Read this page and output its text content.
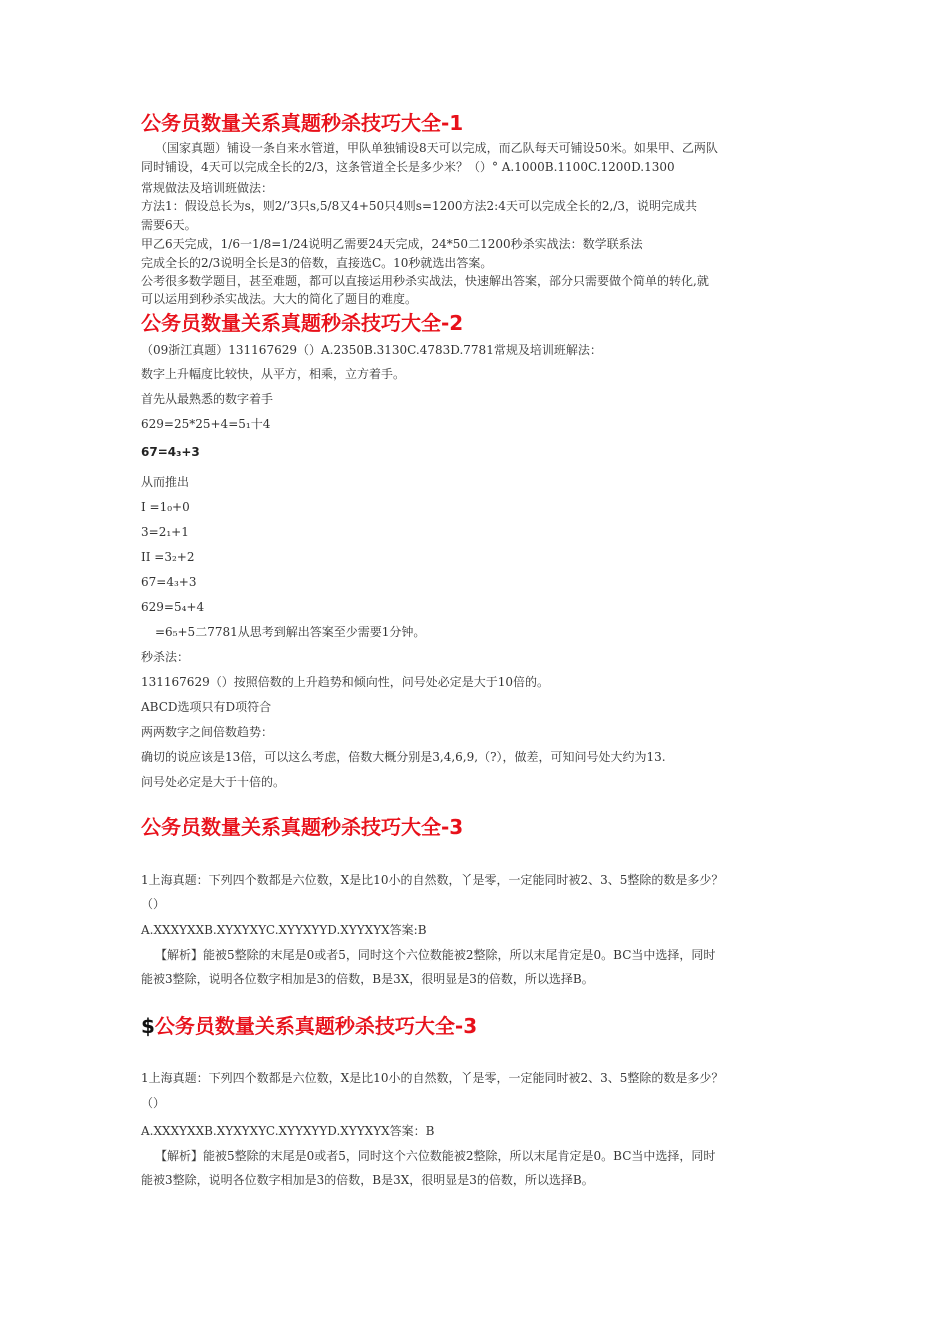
公务员数量关系真题秒杀技巧大全-1
（国家真题）铺设一条自来水管道，甲队单独铺设8天可以完成，而乙队每天可铺设50米。如果甲、乙两队
同时铺设，4天可以完成全长的2/3，这条管道全长是多少米？（）° A.1000B.1100C.1200D.1300
常规做法及培训班做法：
方法1：假设总长为s，则2/’3只s,5/8又4+50只4则s=1200方法2:4天可以完成全长的2,/3，说明完成共
需要6天。
甲乙6天完成，1/6一1/8=1/24说明乙需要24天完成，24*50二1200秒杀实战法：数学联系法
完成全长的2/3说明全长是3的倍数，直接选C。10秒就选出答案。
公考很多数学题目，甚至难题，都可以直接运用秒杀实战法，快速解出答案，部分只需要做个简单的转化,就
可以运用到秒杀实战法。大大的简化了题目的难度。
公务员数量关系真题秒杀技巧大全-2
（09浙江真题）131167629（）A.2350B.3130C.4783D.7781常规及培训班解法：
数字上升幅度比较快，从平方，相乘，立方着手。
首先从最熟悉的数字着手
629=25*25+4=5₁十4
67=4₃+3
从而推出
I =1₀+0
3=2₁+1
II =3₂+2
67=4₃+3
629=5₄+4
=6₅+5二7781从思考到解出答案至少需要1分钟。
秒杀法：
131167629（）按照倍数的上升趋势和倾向性，问号处必定是大于10倍的。
ABCD选项只有D项符合
两两数字之间倍数趋势：
确切的说应该是13倍，可以这么考虑，倍数大概分别是3,4,6,9,（?），做差，可知问号处大约为13.
问号处必定是大于十倍的。
公务员数量关系真题秒杀技巧大全-3
1上海真题：下列四个数都是六位数，X是比10小的自然数，丫是零，一定能同时被2、3、5整除的数是多少？
（）
A.XXXYXXB.XYXYXYC.XYYXYYD.XYYXYX答案:B
【解析】能被5整除的末尾是0或者5，同时这个六位数能被2整除，所以末尾肯定是0。BC当中选择，同时
能被3整除，说明各位数字相加是3的倍数，B是3X，很明显是3的倍数，所以选择B。
$公务员数量关系真题秒杀技巧大全-3
1上海真题：下列四个数都是六位数，X是比10小的自然数，丫是零，一定能同时被2、3、5整除的数是多少？
（）
A.XXXYXXB.XYXYXYC.XYYXYYD.XYYXYX答案：B
【解析】能被5整除的末尾是0或者5，同时这个六位数能被2整除，所以末尾肯定是0。BC当中选择，同时
能被3整除，说明各位数字相加是3的倍数，B是3X，很明显是3的倍数，所以选择B。
